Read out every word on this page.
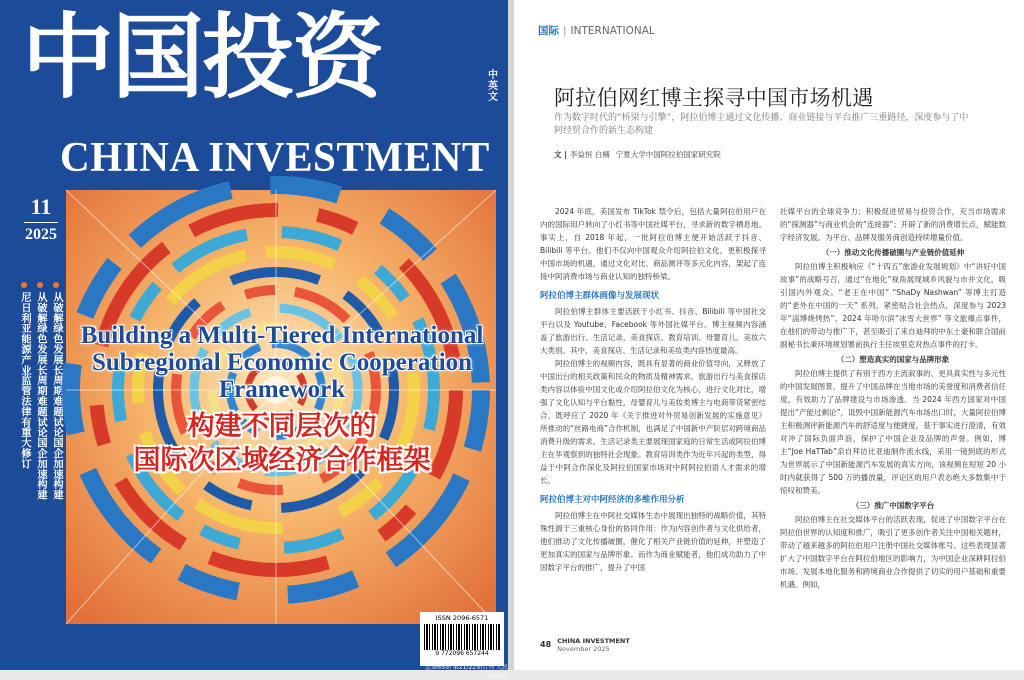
中国投资	中英文
CHINA INVESTMENT
11
2025
从破解绿色发展长周期难题试论国企加速构建
从破解绿色发展长周期难题试论国企加速构建
尼日利亚能源产业监管法律有重大修订	Building a Multi-Tiered International Subregional Economic Cooperation Framework
构建不同层次的
国际次区域经济合作框架
ISSN 2096-6571
9 772096 657244
总第65期 第21/22期合刊 人民币80元
国际 | INTERNATIONAL
阿拉伯网红博主探寻中国市场机遇
作为数字时代的“桥梁与引擎”，阿拉伯博主通过文化传播、商业链接与平台推广三重路径，深度参与了中阿经贸合作的新生态构建
文 | 李益恒 白楠 宁夏大学中国阿拉伯国家研究院

2024 年底，美国发布 TikTok 禁令后，包括大量阿拉伯用户在内的国际用户转向了小红书等中国社媒平台，寻求新的数字栖息地。事实上，自 2018 年起，一批阿拉伯博主便开始活跃于抖音、Bilibili 等平台。他们不仅向中国观众介绍阿拉伯文化，更积极探寻中国市场的机遇，通过文化对比、商品测评等多元化内容，架起了连接中阿消费市场与商业认知的独特桥梁。

阿拉伯博主群体画像与发展现状

阿拉伯博主群体主要活跃于小红书、抖音、Bilibili 等中国社交平台以及 Youtube、Facebook 等外国社媒平台。博主视频内容涵盖了旅游出行、生活记录、美食探店、教育培训、母婴育儿、美妆六大类别。其中，美食探店、生活记录和美妆类内容热度最高。

阿拉伯博主的视频内容，既具有显著的商业价值导向，又释放了中国出台的相关政策和民众的物质及精神需求。旅游出行与美食探店类内容以体验中国文化或介绍阿拉伯文化为核心，进行文化对比，增强了文化认知与平台黏性，母婴育儿与美妆类博主与电商带货紧密结合，既呼应了 2020 年《关于推进对外贸易创新发展的实施意见》所推动的“丝路电商”合作机制，也满足了中国新中产阶层对跨境商品消费升级的需求。生活记录类主要展现国家庭的日常生活或阿拉伯博主在华观察到的独特社会现象。教育培训类作为近年兴起的类型，得益于中阿合作深化及阿拉伯国家市场对中阿阿拉伯语人才需求的增长。

阿拉伯博主对中阿经济的多维作用分析

阿拉伯博主在中阿社交媒体生态中展现出独特的战略价值，其特殊性源于三重核心身份的协同作用：作为内容创作者与文化供给者，他们推动了文化传播破圈，催化了相关产业链价值的延伸，并塑造了更加真实的国家与品牌形象。而作为商业赋能者，他们成功助力了中国数字平台的推广，提升了中国

社媒平台的全球竞争力；积极促进贸易与投资合作，充当市场需求的“探测器”与商业机会的“连接器”；开辟了新的消费增长点，赋能数字经济发展。为平台、品牌及服务商创造持续增量价值。

（一）推动文化传播破圈与产业链价值延伸

阿拉伯博主积极响应《“十四五”旅游业发展规划》中“讲好中国故事”的战略号召，通过“在地化”视角展现城乡风貌与市井文化，吸引国内外观众。“老王在中国” “ShaDy Nashwan” 等博主打造的“老外在中国的一天” 系列，紧密贴合社会热点，深度参与 2023 年“淄博烧烤热”、2024 年哈尔滨“冰雪大世界” 等文旅爆点事件，在他们的带动与推广下，甚至吸引了来自迪拜的中东土豪和联合国前副秘书长秉环境规划署前执行主任埃里克对热点事件的打卡。

（二）塑造真实的国家与品牌形象

阿拉伯博主提供了有别于西方主流叙事的、更具真实性与多元性的中国发展图景，提升了中国品牌在当地市场的美誉度和消费者信任度，有效助力了品牌建设与市场渗透。当 2024 年西方国家对中国提出“产能过剩论”，诋毁中国新能源汽车市场出口时，大量阿拉伯博主积极测评新能源汽车的舒适度与便捷度，基于事实进行澄清，有效对冲了国际负面声浪，保护了中国企业及品牌的声誉。例如，博主“Joe HaTTab”亲自拜访比亚迪制作流水线，采用一镜到底的形式为世界展示了中国新能源汽车发展的真实方向，该视频在短短 20 小时内就获得了 500 万的播放量，评论区的用户表态绝大多数集中于惊叹和赞美。

（三）推广中国数字平台

阿拉伯博主在社交媒体平台的活跃表现，促进了中国数字平台在阿拉伯世界的认知度和推广，吸引了更多创作者关注中国相关题材，带动了越来越多的阿拉伯用户注册中国社交媒体账号。这些表现显著扩大了中国数字平台在阿拉伯地区的影响力，为中国企业深耕阿拉伯市场、发展本地化服务和跨境商业合作提供了切实的用户基础和重要机遇。例如，

48 CHINA INVESTMENT
November 2025
